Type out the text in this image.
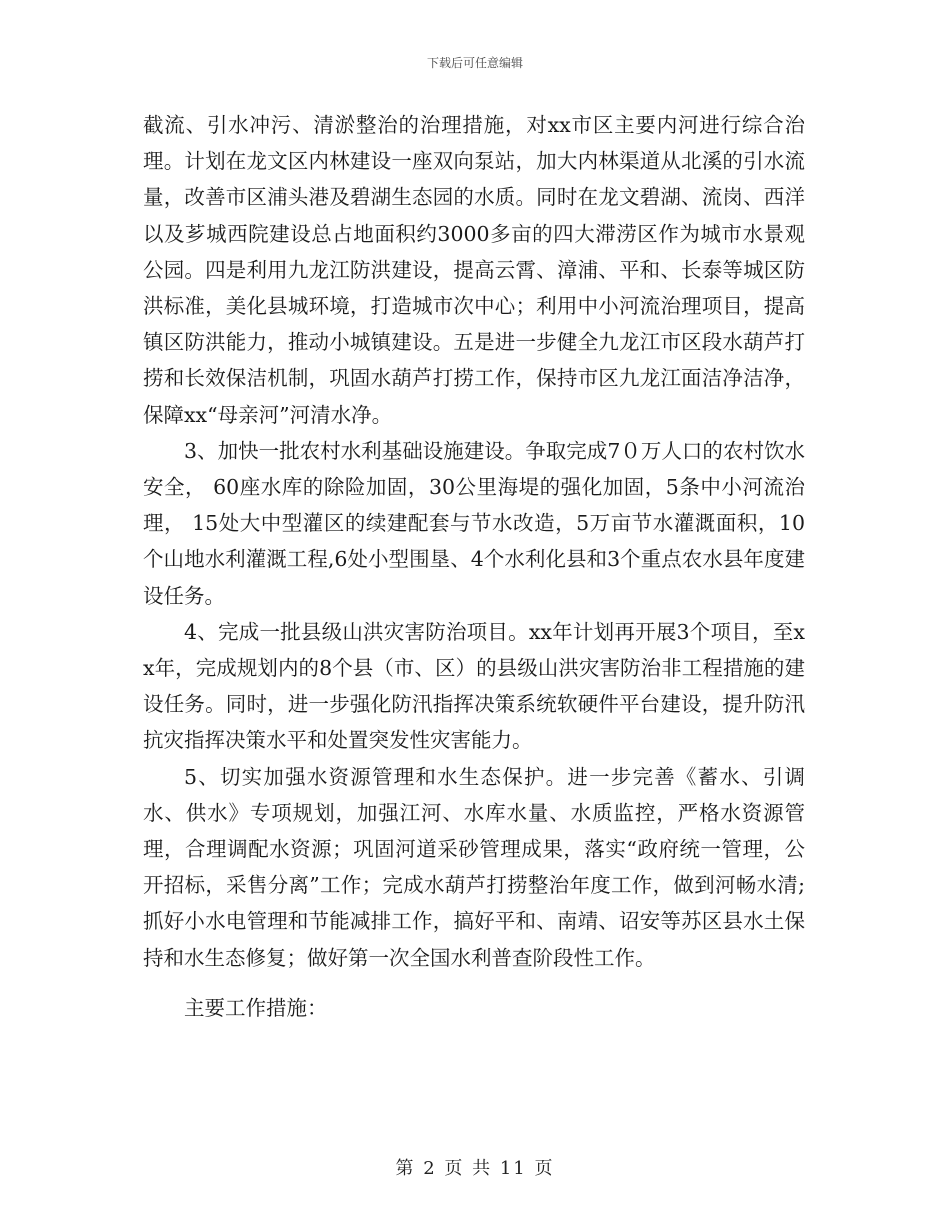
下载后可任意编辑

截流、引水冲污、清淤整治的治理措施，对xx市区主要内河进行综合治理。计划在龙文区内林建设一座双向泵站，加大内林渠道从北溪的引水流量，改善市区浦头港及碧湖生态园的水质。同时在龙文碧湖、流岗、西洋以及芗城西院建设总占地面积约3000多亩的四大滞涝区作为城市水景观公园。四是利用九龙江防洪建设，提高云霄、漳浦、平和、长泰等城区防洪标准，美化县城环境，打造城市次中心；利用中小河流治理项目，提高镇区防洪能力，推动小城镇建设。五是进一步健全九龙江市区段水葫芦打捞和长效保洁机制，巩固水葫芦打捞工作，保持市区九龙江面洁净洁净，保障xx“母亲河”河清水净。

3、加快一批农村水利基础设施建设。争取完成7０万人口的农村饮水安全， 60座水库的除险加固，30公里海堤的强化加固，5条中小河流治理， 15处大中型灌区的续建配套与节水改造，5万亩节水灌溉面积，10个山地水利灌溉工程,6处小型围垦、4个水利化县和3个重点农水县年度建设任务。

4、完成一批县级山洪灾害防治项目。xx年计划再开展3个项目，至xx年，完成规划内的8个县（市、区）的县级山洪灾害防治非工程措施的建设任务。同时，进一步强化防汛指挥决策系统软硬件平台建设，提升防汛抗灾指挥决策水平和处置突发性灾害能力。

5、切实加强水资源管理和水生态保护。进一步完善《蓄水、引调水、供水》专项规划，加强江河、水库水量、水质监控，严格水资源管理，合理调配水资源；巩固河道采砂管理成果，落实“政府统一管理，公开招标，采售分离”工作；完成水葫芦打捞整治年度工作，做到河畅水清;抓好小水电管理和节能减排工作，搞好平和、南靖、诏安等苏区县水土保持和水生态修复；做好第一次全国水利普查阶段性工作。

主要工作措施：

第 2 页 共 11 页
